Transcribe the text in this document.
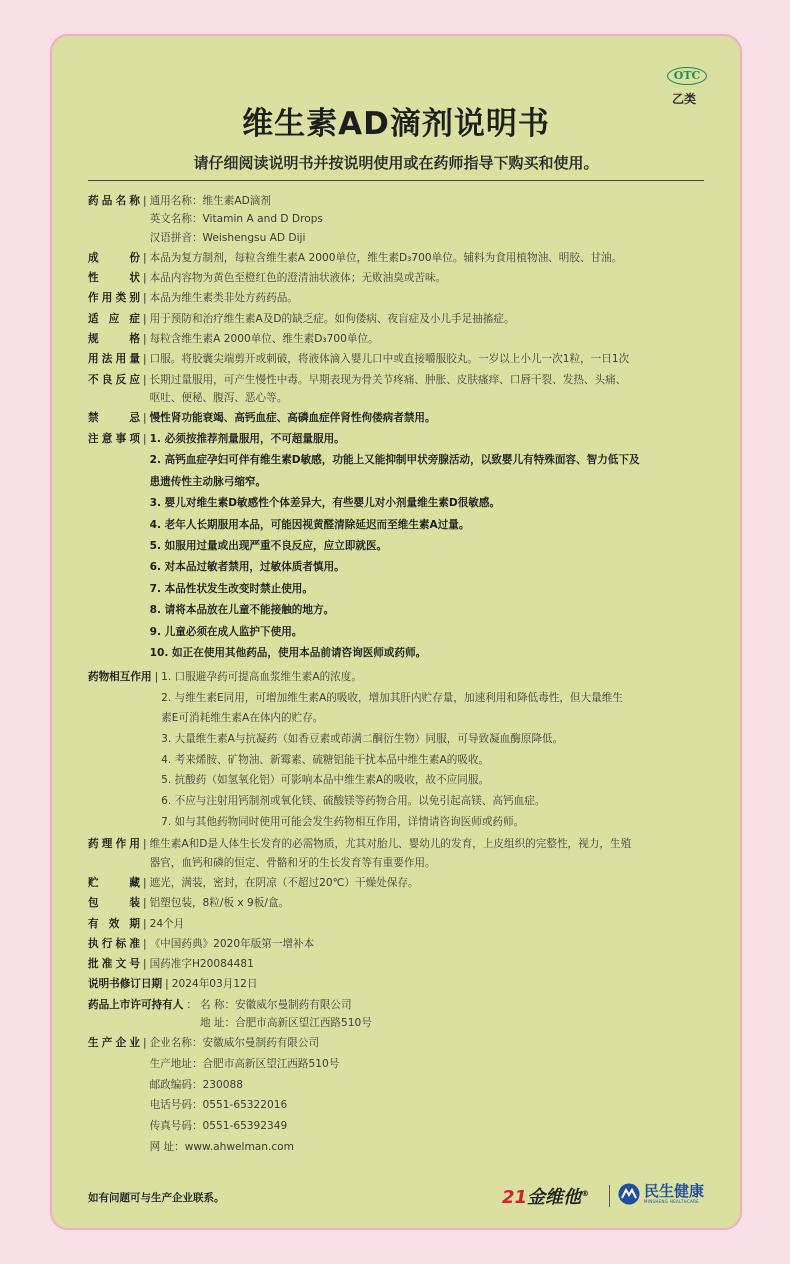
OTC
乙类
维生素AD滴剂说明书
请仔细阅读说明书并按说明使用或在药师指导下购买和使用。
药品名称 | 通用名称：维生素AD滴剂
英文名称：Vitamin A and D Drops
汉语拼音：Weishengsu AD Diji
成份 | 本品为复方制剂，每粒含维生素A 2000单位，维生素D₃700单位。辅料为食用植物油、明胶、甘油。
性状 | 本品内容物为黄色至橙红色的澄清油状液体；无败油臭或苦味。
作用类别 | 本品为维生素类非处方药药品。
适应症 | 用于预防和治疗维生素A及D的缺乏症。如佝偻病、夜盲症及小儿手足抽搐症。
规格 | 每粒含维生素A 2000单位、维生素D₃700单位。
用法用量 | 口服。将胶囊尖端剪开或刺破，将液体滴入婴儿口中或直接嚼服胶丸。一岁以上小儿一次1粒，一日1次
不良反应 | 长期过量服用，可产生慢性中毒。早期表现为骨关节疼痛、肿胀、皮肤瘙痒、口唇干裂、发热、头痛、
呕吐、便秘、腹泻、恶心等。
禁忌 | 慢性肾功能衰竭、高钙血症、高磷血症伴肾性佝偻病者禁用。
注意事项 | 1. 必须按推荐剂量服用，不可超量服用。
2. 高钙血症孕妇可伴有维生素D敏感，功能上又能抑制甲状旁腺活动，以致婴儿有特殊面容、智力低下及
患遗传性主动脉弓缩窄。
3. 婴儿对维生素D敏感性个体差异大，有些婴儿对小剂量维生素D很敏感。
4. 老年人长期服用本品，可能因视黄醛清除延迟而至维生素A过量。
5. 如服用过量或出现严重不良反应，应立即就医。
6. 对本品过敏者禁用，过敏体质者慎用。
7. 本品性状发生改变时禁止使用。
8. 请将本品放在儿童不能接触的地方。
9. 儿童必须在成人监护下使用。
10. 如正在使用其他药品，使用本品前请咨询医师或药师。
药物相互作用 | 1. 口服避孕药可提高血浆维生素A的浓度。
2. 与维生素E同用，可增加维生素A的吸收，增加其肝内贮存量，加速利用和降低毒性，但大量维生
素E可消耗维生素A在体内的贮存。
3. 大量维生素A与抗凝药（如香豆素或茚满二酮衍生物）同服，可导致凝血酶原降低。
4. 考来烯胺、矿物油、新霉素、硫糖铝能干扰本品中维生素A的吸收。
5. 抗酸药（如氢氧化铝）可影响本品中维生素A的吸收，故不应同服。
6. 不应与注射用钙制剂或氧化镁、硫酸镁等药物合用。以免引起高镁、高钙血症。
7. 如与其他药物同时使用可能会发生药物相互作用，详情请咨询医师或药师。
药理作用 | 维生素A和D是人体生长发育的必需物质，尤其对胎儿、婴幼儿的发育，上皮组织的完整性，视力，生殖
器官，血钙和磷的恒定、骨骼和牙的生长发育等有重要作用。
贮藏 | 遮光，满装，密封，在阴凉（不超过20℃）干燥处保存。
包装 | 铝塑包装，8粒/板 x 9板/盒。
有效期 | 24个月
执行标准 | 《中国药典》2020年版第一增补本
批准文号 | 国药准字H20084481
说明书修订日期 | 2024年03月12日
药品上市许可持有人 ： 名 称：安徽威尔曼制药有限公司
地 址：合肥市高新区望江西路510号
生产企业 | 企业名称：安徽威尔曼制药有限公司
生产地址：合肥市高新区望江西路510号
邮政编码：230088
电话号码：0551-65322016
传真号码：0551-65392349
网 址：www.ahwelman.com
如有问题可与生产企业联系。	21金维他®	民生健康
MINSHENG HEALTHCARE
